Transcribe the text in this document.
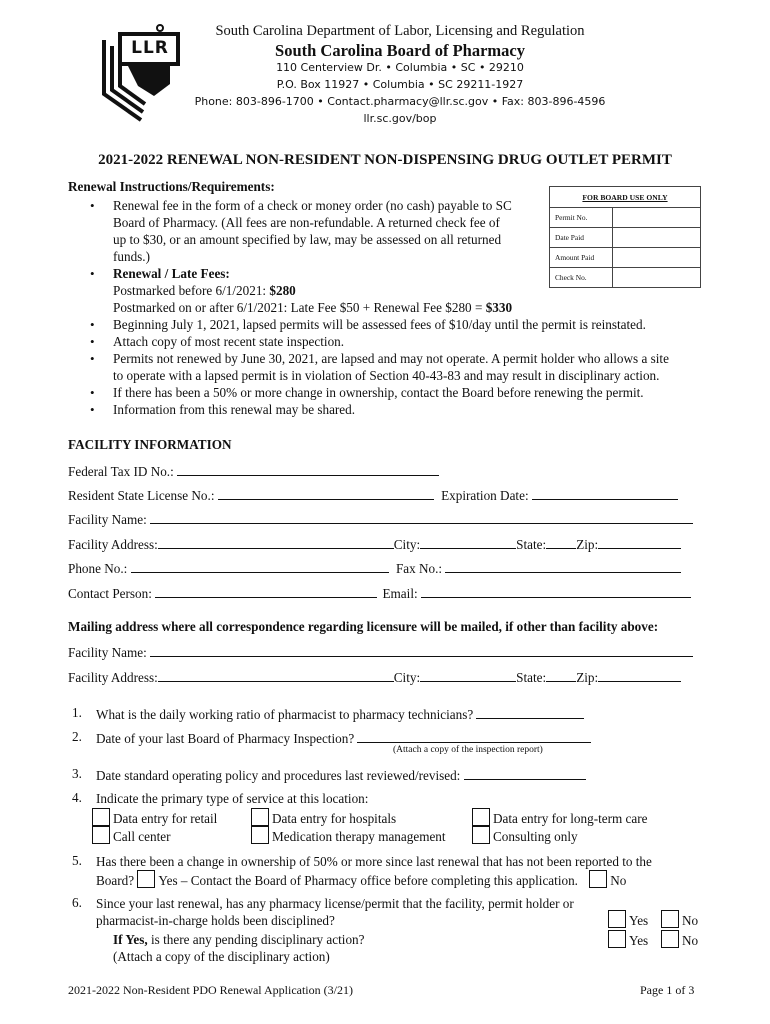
LLR
South Carolina Department of Labor, Licensing and Regulation
South Carolina Board of Pharmacy
110 Centerview Dr. • Columbia • SC • 29210
P.O. Box 11927 • Columbia • SC 29211-1927
Phone: 803-896-1700 • Contact.pharmacy@llr.sc.gov • Fax: 803-896-4596
llr.sc.gov/bop
2021-2022 RENEWAL NON-RESIDENT NON-DISPENSING DRUG OUTLET PERMIT
Renewal Instructions/Requirements:
• Renewal fee in the form of a check or money order (no cash) payable to SC
Board of Pharmacy. (All fees are non-refundable. A returned check fee of
up to $30, or an amount specified by law, may be assessed on all returned
funds.)
• Renewal / Late Fees:
Postmarked before 6/1/2021: $280
Postmarked on or after 6/1/2021: Late Fee $50 + Renewal Fee $280 = $330
• Beginning July 1, 2021, lapsed permits will be assessed fees of $10/day until the permit is reinstated.
• Attach copy of most recent state inspection.
• Permits not renewed by June 30, 2021, are lapsed and may not operate. A permit holder who allows a site
to operate with a lapsed permit is in violation of Section 40-43-83 and may result in disciplinary action.
• If there has been a 50% or more change in ownership, contact the Board before renewing the permit.
• Information from this renewal may be shared.
FOR BOARD USE ONLY	
Permit No.	
Date Paid	
Amount Paid	
Check No.	
FACILITY INFORMATION
Federal Tax ID No.:
Resident State License No.:	Expiration Date:
Facility Name:
Facility Address:	City:	State: Zip:
Phone No.:	Fax No.:
Contact Person:	Email:
Mailing address where all correspondence regarding licensure will be mailed, if other than facility above:
Facility Name:
Facility Address:	City:	State: Zip:
1. What is the daily working ratio of pharmacist to pharmacy technicians?
2. Date of your last Board of Pharmacy Inspection?
(Attach a copy of the inspection report)
3. Date standard operating policy and procedures last reviewed/revised:
4. Indicate the primary type of service at this location:
Data entry for retail	Data entry for hospitals	Data entry for long-term care
Call center	Medication therapy management	Consulting only
5. Has there been a change in ownership of 50% or more since last renewal that has not been reported to the
Board? Yes – Contact the Board of Pharmacy office before completing this application. No
6. Since your last renewal, has any pharmacy license/permit that the facility, permit holder or
pharmacist-in-charge holds been disciplined?
If Yes, is there any pending disciplinary action?
(Attach a copy of the disciplinary action)
Yes	No
Yes	No
2021-2022 Non-Resident PDO Renewal Application (3/21)	Page 1 of 3
